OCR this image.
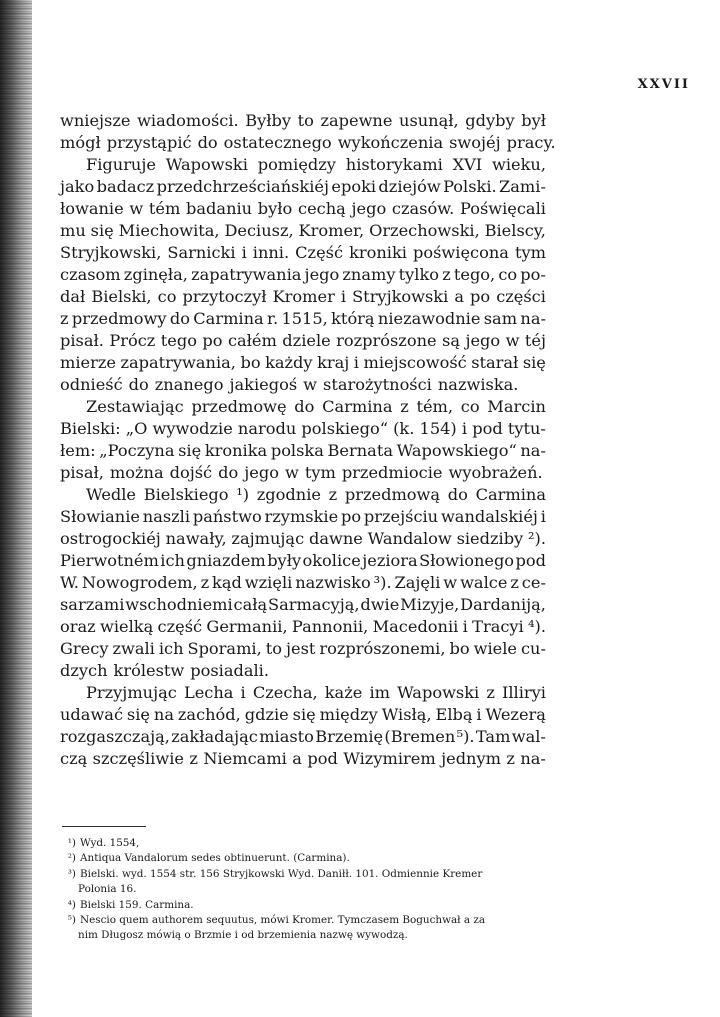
XXVII
wniejsze wiadomości. Byłby to zapewne usunął, gdyby był
mógł przystąpić do ostatecznego wykończenia swojéj pracy.
Figuruje Wapowski pomiędzy historykami XVI wieku,
jako badacz przedchrześciańskiéj epoki dziejów Polski. Zami-
łowanie w tém badaniu było cechą jego czasów. Poświęcali
mu się Miechowita, Deciusz, Kromer, Orzechowski, Bielscy,
Stryjkowski, Sarnicki i inni. Część kroniki poświęcona tym
czasom zginęła, zapatrywania jego znamy tylko z tego, co po-
dał Bielski, co przytoczył Kromer i Stryjkowski a po części
z przedmowy do Carmina r. 1515, którą niezawodnie sam na-
pisał. Prócz tego po całém dziele rozprószone są jego w téj
mierze zapatrywania, bo każdy kraj i miejscowość starał się
odnieść do znanego jakiegoś w starożytności nazwiska.
Zestawiając przedmowę do Carmina z tém, co Marcin
Bielski: „O wywodzie narodu polskiego“ (k. 154) i pod tytu-
łem: „Poczyna się kronika polska Bernata Wapowskiego“ na-
pisał, można dojść do jego w tym przedmiocie wyobrażeń.
Wedle Bielskiego ¹) zgodnie z przedmową do Carmina
Słowianie naszli państwo rzymskie po przejściu wandalskiéj i
ostrogockiéj nawały, zajmując dawne Wandalow siedziby ²).
Pierwotném ich gniazdem były okolice jeziora Słowionego pod
W. Nowogrodem, z kąd wzięli nazwisko ³). Zajęli w walce z ce-
sarzami wschodniemi całą Sarmacyją, dwie Mizyje, Dardaniją,
oraz wielką część Germanii, Pannonii, Macedonii i Tracyi ⁴).
Grecy zwali ich Sporami, to jest rozprószonemi, bo wiele cu-
dzych królestw posiadali.
Przyjmując Lecha i Czecha, każe im Wapowski z Illiryi
udawać się na zachód, gdzie się między Wisłą, Elbą i Wezerą
rozgaszczają, zakładając miasto Brzemię (Bremen ⁵). Tam wal-
czą szczęśliwie z Niemcami a pod Wizymirem jednym z na-
¹) Wyd. 1554,
²) Antiqua Vandalorum sedes obtinuerunt. (Carmina).
³) Bielski. wyd. 1554 str. 156 Stryjkowski Wyd. Daniłł. 101. Odmiennie Kremer
Polonia 16.
⁴) Bielski 159. Carmina.
⁵) Nescio quem authorem sequutus, mówi Kromer. Tymczasem Boguchwał a za
nim Długosz mówią o Brzmie i od brzemienia nazwę wywodzą.
